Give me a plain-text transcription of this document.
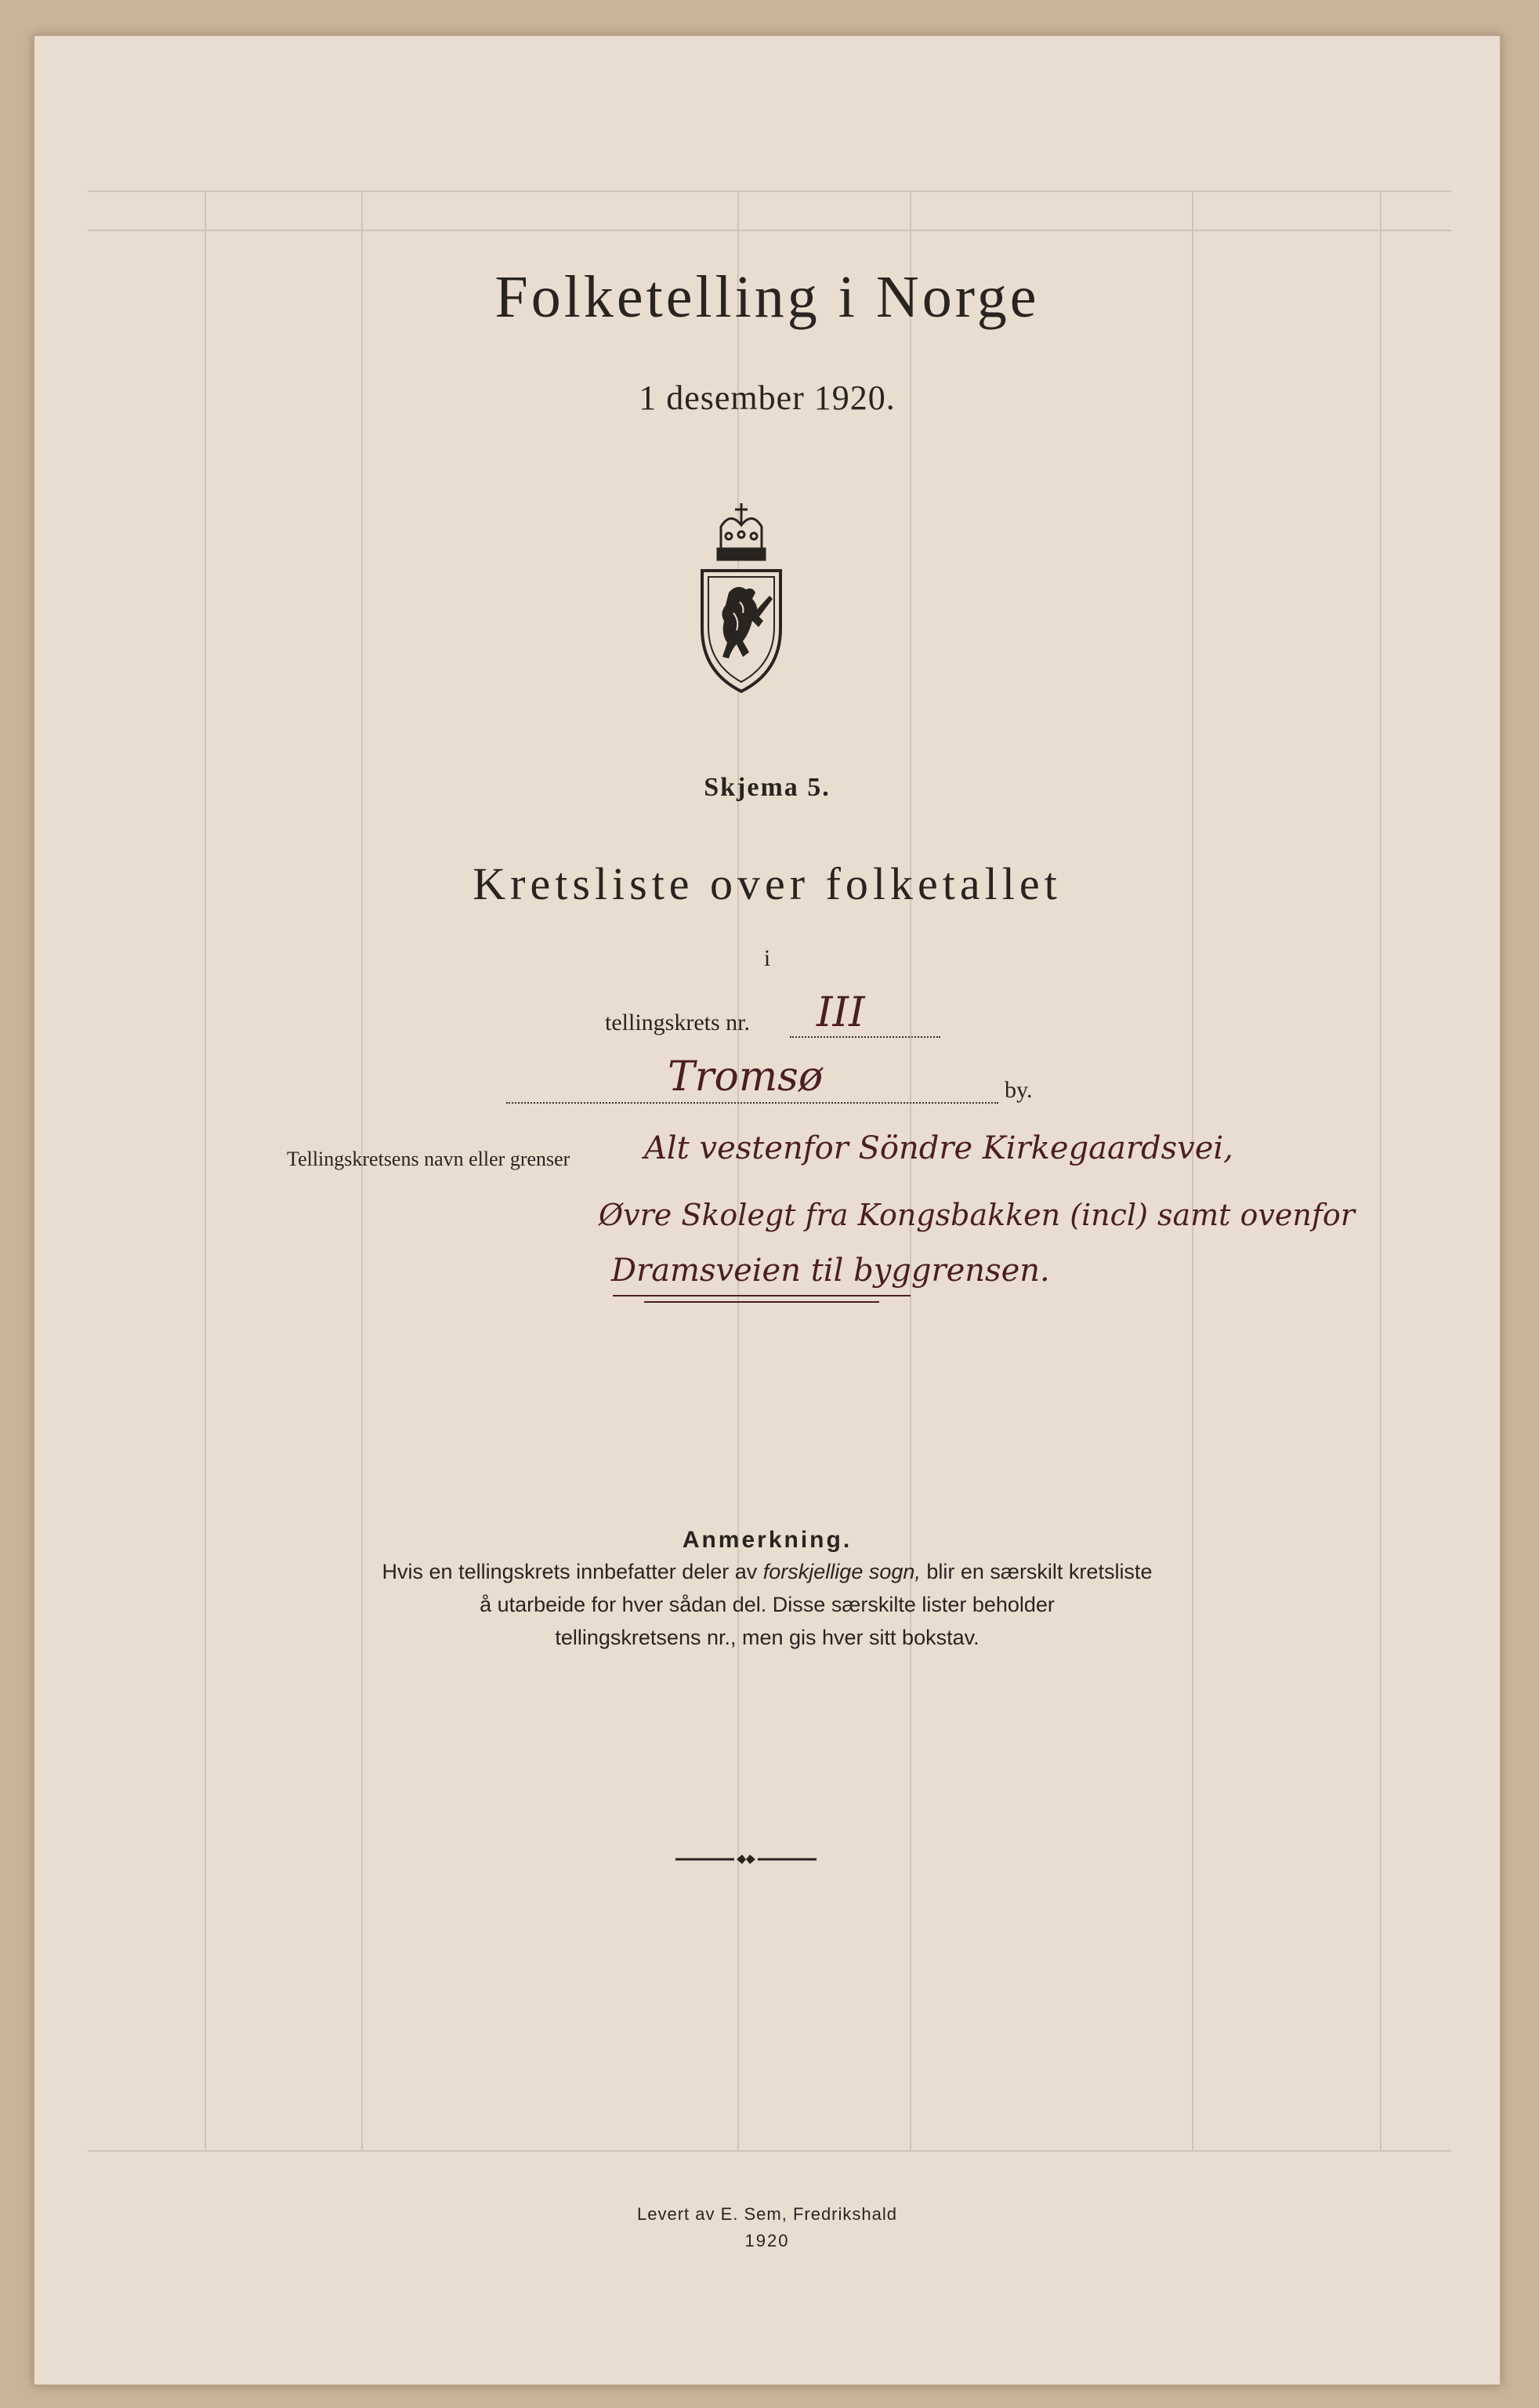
Folketelling i Norge
1 desember 1920.
Skjema 5.
Kretsliste over folketallet
i
tellingskrets nr. III
Tromsø	by.
Tellingskretsens navn eller grenser Alt vestenfor Söndre Kirkegaardsvei,
Øvre Skolegt fra Kongsbakken (incl) samt ovenfor
Dramsveien til byggrensen.
Anmerkning.
Hvis en tellingskrets innbefatter deler av forskjellige sogn, blir en særskilt kretsliste
å utarbeide for hver sådan del. Disse særskilte lister beholder
tellingskretsens nr., men gis hver sitt bokstav.
Levert av E. Sem, Fredrikshald
1920
